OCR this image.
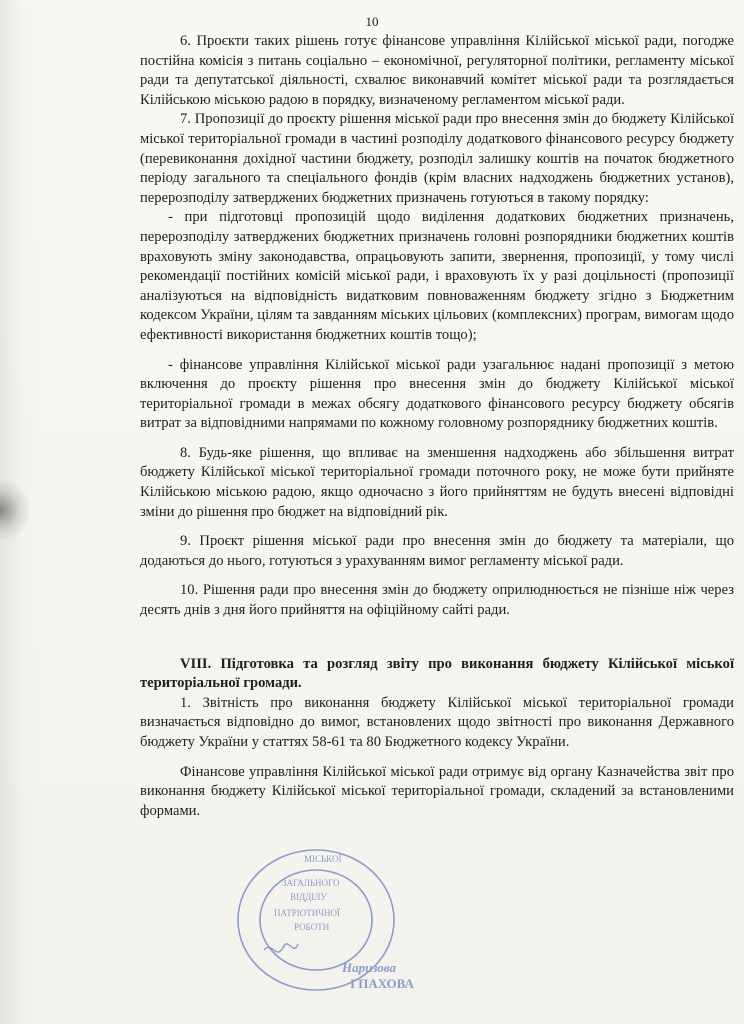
10

6. Проєкти таких рішень готує фінансове управління Кілійської міської ради, погодже постійна комісія з питань соціально – економічної, регуляторної політики, регламенту міської ради та депутатської діяльності, схвалює виконавчий комітет міської ради та розглядається Кілійською міською радою в порядку, визначеному регламентом міської ради.

7. Пропозиції до проєкту рішення міської ради про внесення змін до бюджету Кілійської міської територіальної громади в частині розподілу додаткового фінансового ресурсу бюджету (перевиконання дохідної частини бюджету, розподіл залишку коштів на початок бюджетного періоду загального та спеціального фондів (крім власних надходжень бюджетних установ), перерозподілу затверджених бюджетних призначень готуються в такому порядку:

- при підготовці пропозицій щодо виділення додаткових бюджетних призначень, перерозподілу затверджених бюджетних призначень головні розпорядники бюджетних коштів враховують зміну законодавства, опрацьовують запити, звернення, пропозиції, у тому числі рекомендації постійних комісій міської ради, і враховують їх у разі доцільності (пропозиції аналізуються на відповідність видатковим повноваженням бюджету згідно з Бюджетним кодексом України, цілям та завданням міських цільових (комплексних) програм, вимогам щодо ефективності використання бюджетних коштів тощо);

- фінансове управління Кілійської міської ради узагальнює надані пропозиції з метою включення до проєкту рішення про внесення змін до бюджету Кілійської міської територіальної громади в межах обсягу додаткового фінансового ресурсу бюджету обсягів витрат за відповідними напрямами по кожному головному розпоряднику бюджетних коштів.

8. Будь-яке рішення, що впливає на зменшення надходжень або збільшення витрат бюджету Кілійської міської територіальної громади поточного року, не може бути прийняте Кілійською міською радою, якщо одночасно з його прийняттям не будуть внесені відповідні зміни до рішення про бюджет на відповідний рік.

9. Проєкт рішення міської ради про внесення змін до бюджету та матеріали, що додаються до нього, готуються з урахуванням вимог регламенту міської ради.

10. Рішення ради про внесення змін до бюджету оприлюднюється не пізніше ніж через десять днів з дня його прийняття на офіційному сайті ради.

VIII. Підготовка та розгляд звіту про виконання бюджету Кілійської міської територіальної громади.

1. Звітність про виконання бюджету Кілійської міської територіальної громади визначається відповідно до вимог, встановлених щодо звітності про виконання Державного бюджету України у статтях 58-61 та 80 Бюджетного кодексу України.

Фінансове управління Кілійської міської ради отримує від органу Казначейства звіт про виконання бюджету Кілійської міської територіальної громади, складений за встановленими формами.

МІСЬКОЇ
ЗАГАЛЬНОГО
ВІДДІЛУ
ПАТРІОТИЧНОЇ
РОБОТИ
Наризова
І ПАХОВА
